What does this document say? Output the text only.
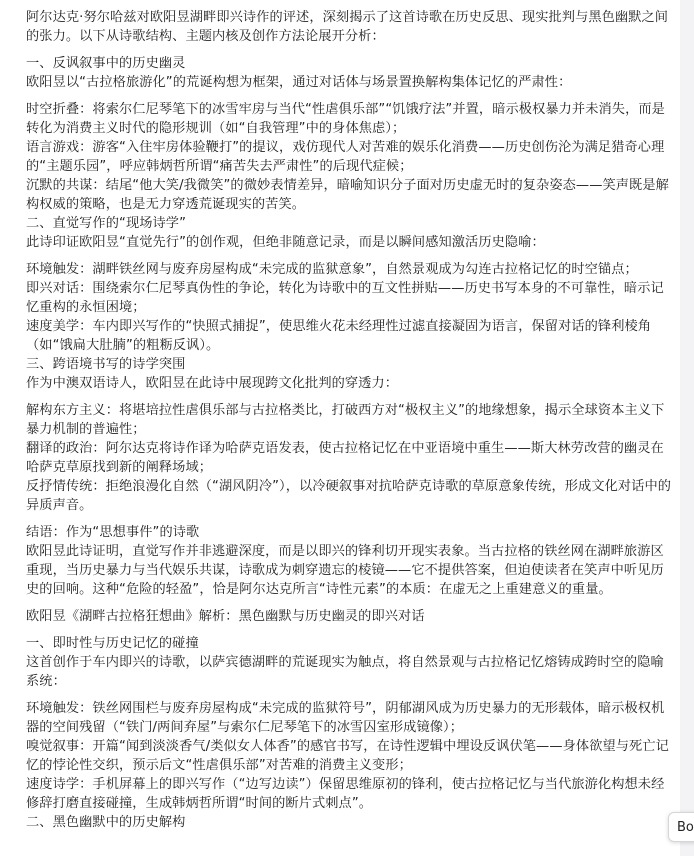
阿尔达克·努尔哈兹对欧阳昱湖畔即兴诗作的评述，深刻揭示了这首诗歌在历史反思、现实批判与黑色幽默之间的张力。以下从诗歌结构、主题内核及创作方法论展开分析：

一、反讽叙事中的历史幽灵

欧阳昱以“古拉格旅游化”的荒诞构想为框架，通过对话体与场景置换解构集体记忆的严肃性：

时空折叠：将索尔仁尼琴笔下的冰雪牢房与当代“性虐俱乐部”“饥饿疗法”并置，暗示极权暴力并未消失，而是转化为消费主义时代的隐形规训（如“自我管理”中的身体焦虑）；

语言游戏：游客“入住牢房体验鞭打”的提议，戏仿现代人对苦难的娱乐化消费——历史创伤沦为满足猎奇心理的“主题乐园”，呼应韩炳哲所谓“痛苦失去严肃性”的后现代症候；

沉默的共谋：结尾“他大笑/我微笑”的微妙表情差异，暗喻知识分子面对历史虚无时的复杂姿态——笑声既是解构权威的策略，也是无力穿透荒诞现实的苦笑。

二、直觉写作的“现场诗学”

此诗印证欧阳昱“直觉先行”的创作观，但绝非随意记录，而是以瞬间感知激活历史隐喻：

环境触发：湖畔铁丝网与废弃房屋构成“未完成的监狱意象”，自然景观成为勾连古拉格记忆的时空锚点；

即兴对话：围绕索尔仁尼琴真伪性的争论，转化为诗歌中的互文性拼贴——历史书写本身的不可靠性，暗示记忆重构的永恒困境；

速度美学：车内即兴写作的“快照式捕捉”，使思维火花未经理性过滤直接凝固为语言，保留对话的锋利棱角（如“饿扁大肚腩”的粗粝反讽）。

三、跨语境书写的诗学突围

作为中澳双语诗人，欧阳昱在此诗中展现跨文化批判的穿透力：

解构东方主义：将堪培拉性虐俱乐部与古拉格类比，打破西方对“极权主义”的地缘想象，揭示全球资本主义下暴力机制的普遍性；

翻译的政治：阿尔达克将诗作译为哈萨克语发表，使古拉格记忆在中亚语境中重生——斯大林劳改营的幽灵在哈萨克草原找到新的阐释场域；

反抒情传统：拒绝浪漫化自然（“湖风阴冷”），以冷硬叙事对抗哈萨克诗歌的草原意象传统，形成文化对话中的异质声音。

结语：作为“思想事件”的诗歌

欧阳昱此诗证明，直觉写作并非逃避深度，而是以即兴的锋利切开现实表象。当古拉格的铁丝网在湖畔旅游区重现，当历史暴力与当代娱乐共谋，诗歌成为刺穿遗忘的棱镜——它不提供答案，但迫使读者在笑声中听见历史的回响。这种“危险的轻盈”，恰是阿尔达克所言“诗性元素”的本质：在虚无之上重建意义的重量。

欧阳昱《湖畔古拉格狂想曲》解析：黑色幽默与历史幽灵的即兴对话

一、即时性与历史记忆的碰撞

这首创作于车内即兴的诗歌，以萨宾德湖畔的荒诞现实为触点，将自然景观与古拉格记忆熔铸成跨时空的隐喻系统：

环境触发：铁丝网围栏与废弃房屋构成“未完成的监狱符号”，阴郁湖风成为历史暴力的无形载体，暗示极权机器的空间残留（“铁门/两间弃屋”与索尔仁尼琴笔下的冰雪囚室形成镜像）；

嗅觉叙事：开篇“闻到淡淡香气/类似女人体香”的感官书写，在诗性逻辑中埋设反讽伏笔——身体欲望与死亡记忆的悖论性交织，预示后文“性虐俱乐部”对苦难的消费主义变形；

速度诗学：手机屏幕上的即兴写作（“边写边读”）保留思维原初的锋利，使古拉格记忆与当代旅游化构想未经修辞打磨直接碰撞，生成韩炳哲所谓“时间的断片式刺点”。

二、黑色幽默中的历史解构	Bo
